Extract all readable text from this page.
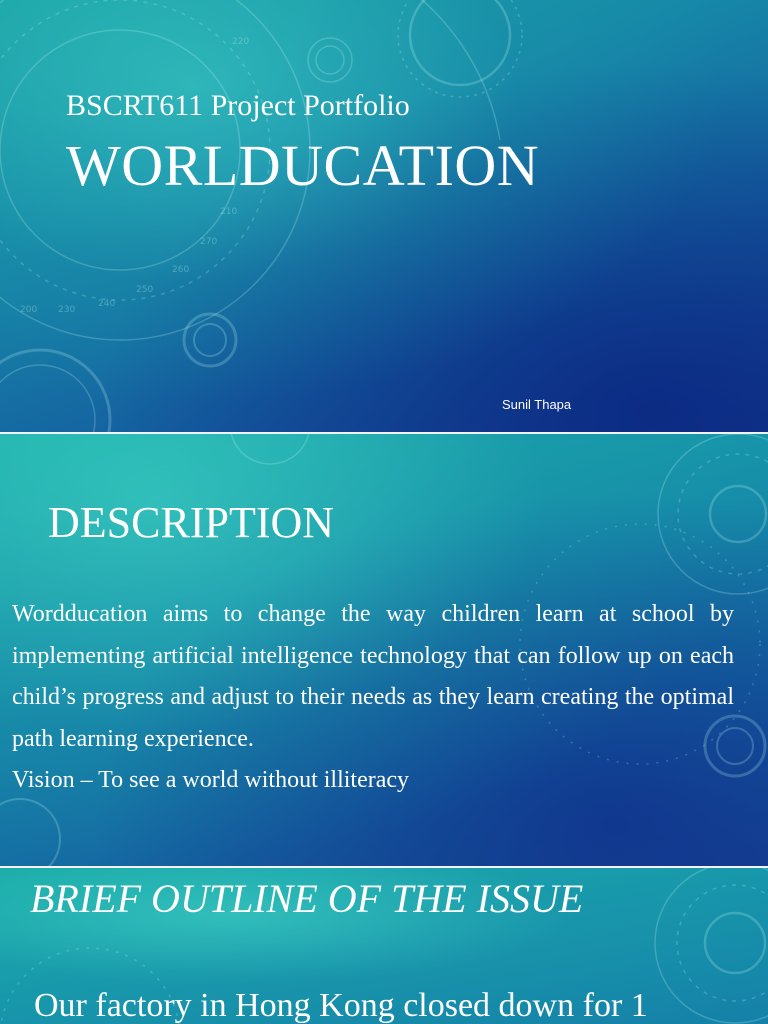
200 230
240
250
260
270
210
220
BSCRT611 Project Portfolio
WORLDUCATION
Sunil Thapa
DESCRIPTION

Wordducation aims to change the way children learn at school by implementing artificial intelligence technology that can follow up on each child’s progress and adjust to their needs as they learn creating the optimal path learning experience.

Vision – To see a world without illiteracy

BRIEF OUTLINE OF THE ISSUE
Our factory in Hong Kong closed down for 1
